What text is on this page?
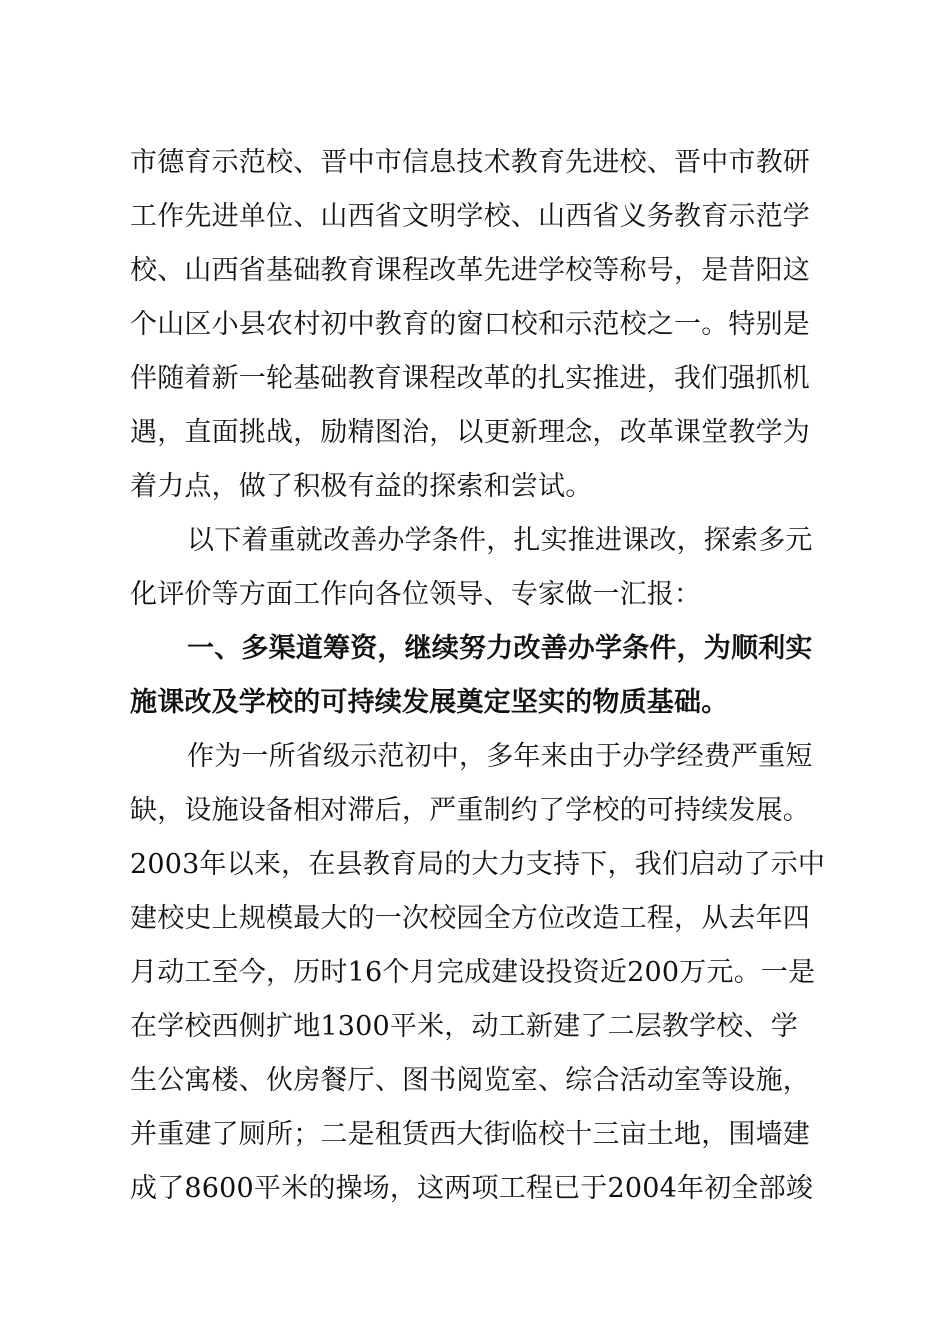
市德育示范校、晋中市信息技术教育先进校、晋中市教研
工作先进单位、山西省文明学校、山西省义务教育示范学
校、山西省基础教育课程改革先进学校等称号，是昔阳这
个山区小县农村初中教育的窗口校和示范校之一。特别是
伴随着新一轮基础教育课程改革的扎实推进，我们强抓机
遇，直面挑战，励精图治，以更新理念，改革课堂教学为
着力点，做了积极有益的探索和尝试。
以下着重就改善办学条件，扎实推进课改，探索多元
化评价等方面工作向各位领导、专家做一汇报：
一、多渠道筹资，继续努力改善办学条件，为顺利实
施课改及学校的可持续发展奠定坚实的物质基础。
作为一所省级示范初中，多年来由于办学经费严重短
缺，设施设备相对滞后，严重制约了学校的可持续发展。
2003年以来，在县教育局的大力支持下，我们启动了示中
建校史上规模最大的一次校园全方位改造工程，从去年四
月动工至今，历时16个月完成建设投资近200万元。一是
在学校西侧扩地1300平米，动工新建了二层教学校、学
生公寓楼、伙房餐厅、图书阅览室、综合活动室等设施，
并重建了厕所；二是租赁西大街临校十三亩土地，围墙建
成了8600平米的操场，这两项工程已于2004年初全部竣
